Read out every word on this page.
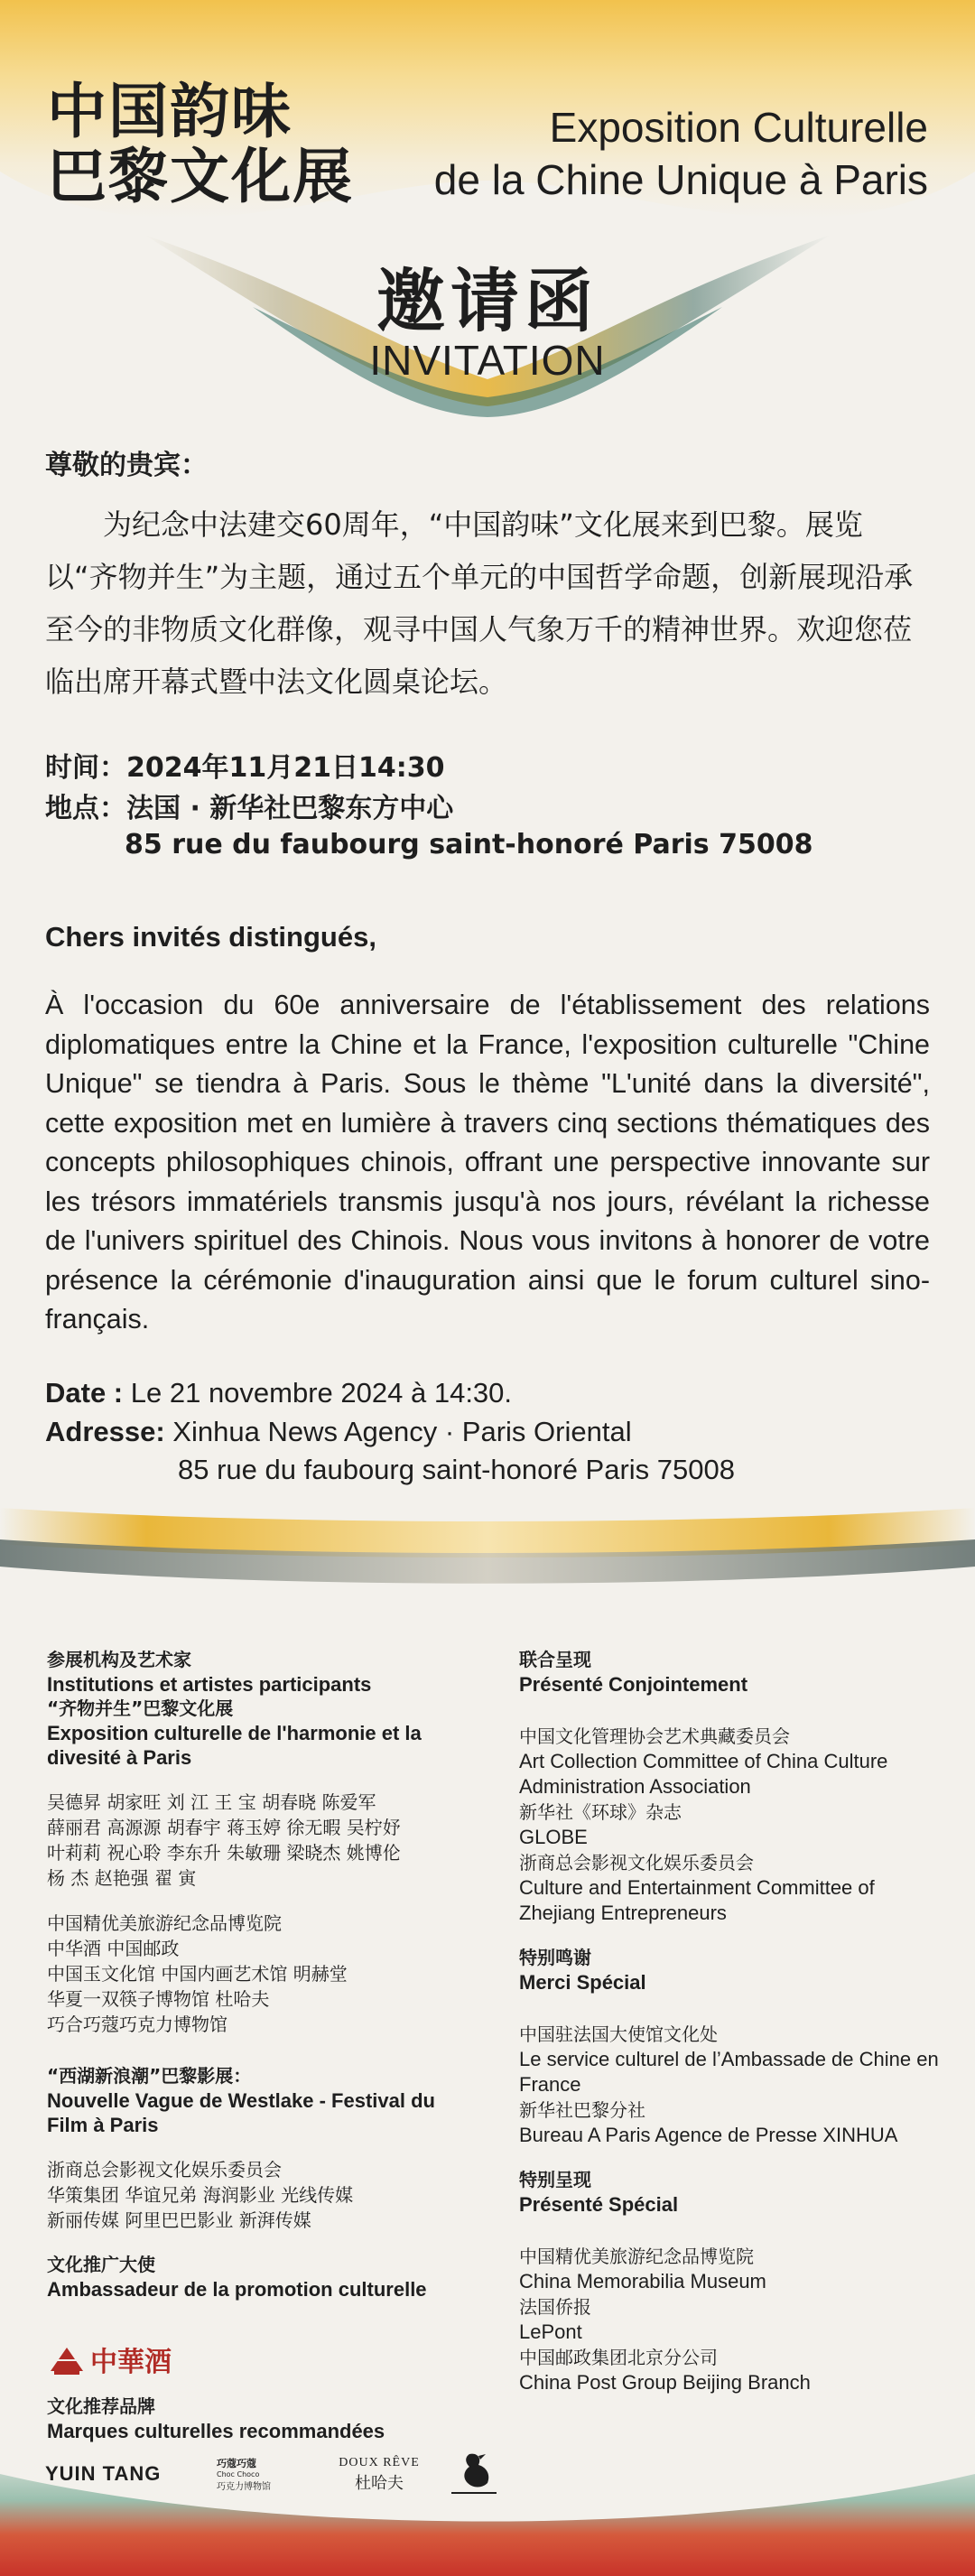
中国韵味
巴黎文化展
Exposition Culturelle
de la Chine Unique à Paris
邀请函
INVITATION
尊敬的贵宾：
为纪念中法建交60周年，“中国韵味”文化展来到巴黎。展览以“齐物并生”为主题，通过五个单元的中国哲学命题，创新展现沿承至今的非物质文化群像，观寻中国人气象万千的精神世界。欢迎您莅临出席开幕式暨中法文化圆桌论坛。
时间：2024年11月21日14:30
地点：法国 · 新华社巴黎东方中心
85 rue du faubourg saint-honoré Paris 75008
Chers invités distingués,
À l'occasion du 60e anniversaire de l'établissement des relations diplomatiques entre la Chine et la France, l'exposition culturelle "Chine Unique" se tiendra à Paris. Sous le thème "L'unité dans la diversité", cette exposition met en lumière à travers cinq sections thématiques des concepts philosophiques chinois, offrant une perspective innovante sur les trésors immatériels transmis jusqu'à nos jours, révélant la richesse de l'univers spirituel des Chinois. Nous vous invitons à honorer de votre présence la cérémonie d'inauguration ainsi que le forum culturel sino-français.
Date : Le 21 novembre 2024 à 14:30.
Adresse: Xinhua News Agency · Paris Oriental
85 rue du faubourg saint-honoré Paris 75008
参展机构及艺术家
Institutions et artistes participants
“齐物并生”巴黎文化展
Exposition culturelle de l'harmonie et la divesité à Paris
吴德昇 胡家旺 刘 江 王 宝 胡春晓 陈爱军
薛丽君 高源源 胡春宇 蒋玉婷 徐无暇 吴柠妤
叶莉莉 祝心聆 李东升 朱敏珊 梁晓杰 姚博伦
杨 杰 赵艳强 翟 寅
中国精优美旅游纪念品博览院
中华酒 中国邮政
中国玉文化馆 中国内画艺术馆 明赫堂
华夏一双筷子博物馆 杜哈夫
巧合巧蔻巧克力博物馆
“西湖新浪潮”巴黎影展：
Nouvelle Vague de Westlake - Festival du Film à Paris
浙商总会影视文化娱乐委员会
华策集团 华谊兄弟 海润影业 光线传媒
新丽传媒 阿里巴巴影业 新湃传媒
文化推广大使
Ambassadeur de la promotion culturelle
中華酒
文化推荐品牌
Marques culturelles recommandées
YUIN TANG	巧蔻巧蔻
Choc Choco
巧克力博物馆
DOUX RÊVE
杜哈夫
联合呈现
Présenté Conjointement
中国文化管理协会艺术典藏委员会
Art Collection Committee of China Culture Administration Association
新华社《环球》杂志
GLOBE
浙商总会影视文化娱乐委员会
Culture and Entertainment Committee of Zhejiang Entrepreneurs
特别鸣谢
Merci Spécial
中国驻法国大使馆文化处
Le service culturel de l’Ambassade de Chine en France
新华社巴黎分社
Bureau A Paris Agence de Presse XINHUA
特别呈现
Présenté Spécial
中国精优美旅游纪念品博览院
China Memorabilia Museum
法国侨报
LePont
中国邮政集团北京分公司
China Post Group Beijing Branch
